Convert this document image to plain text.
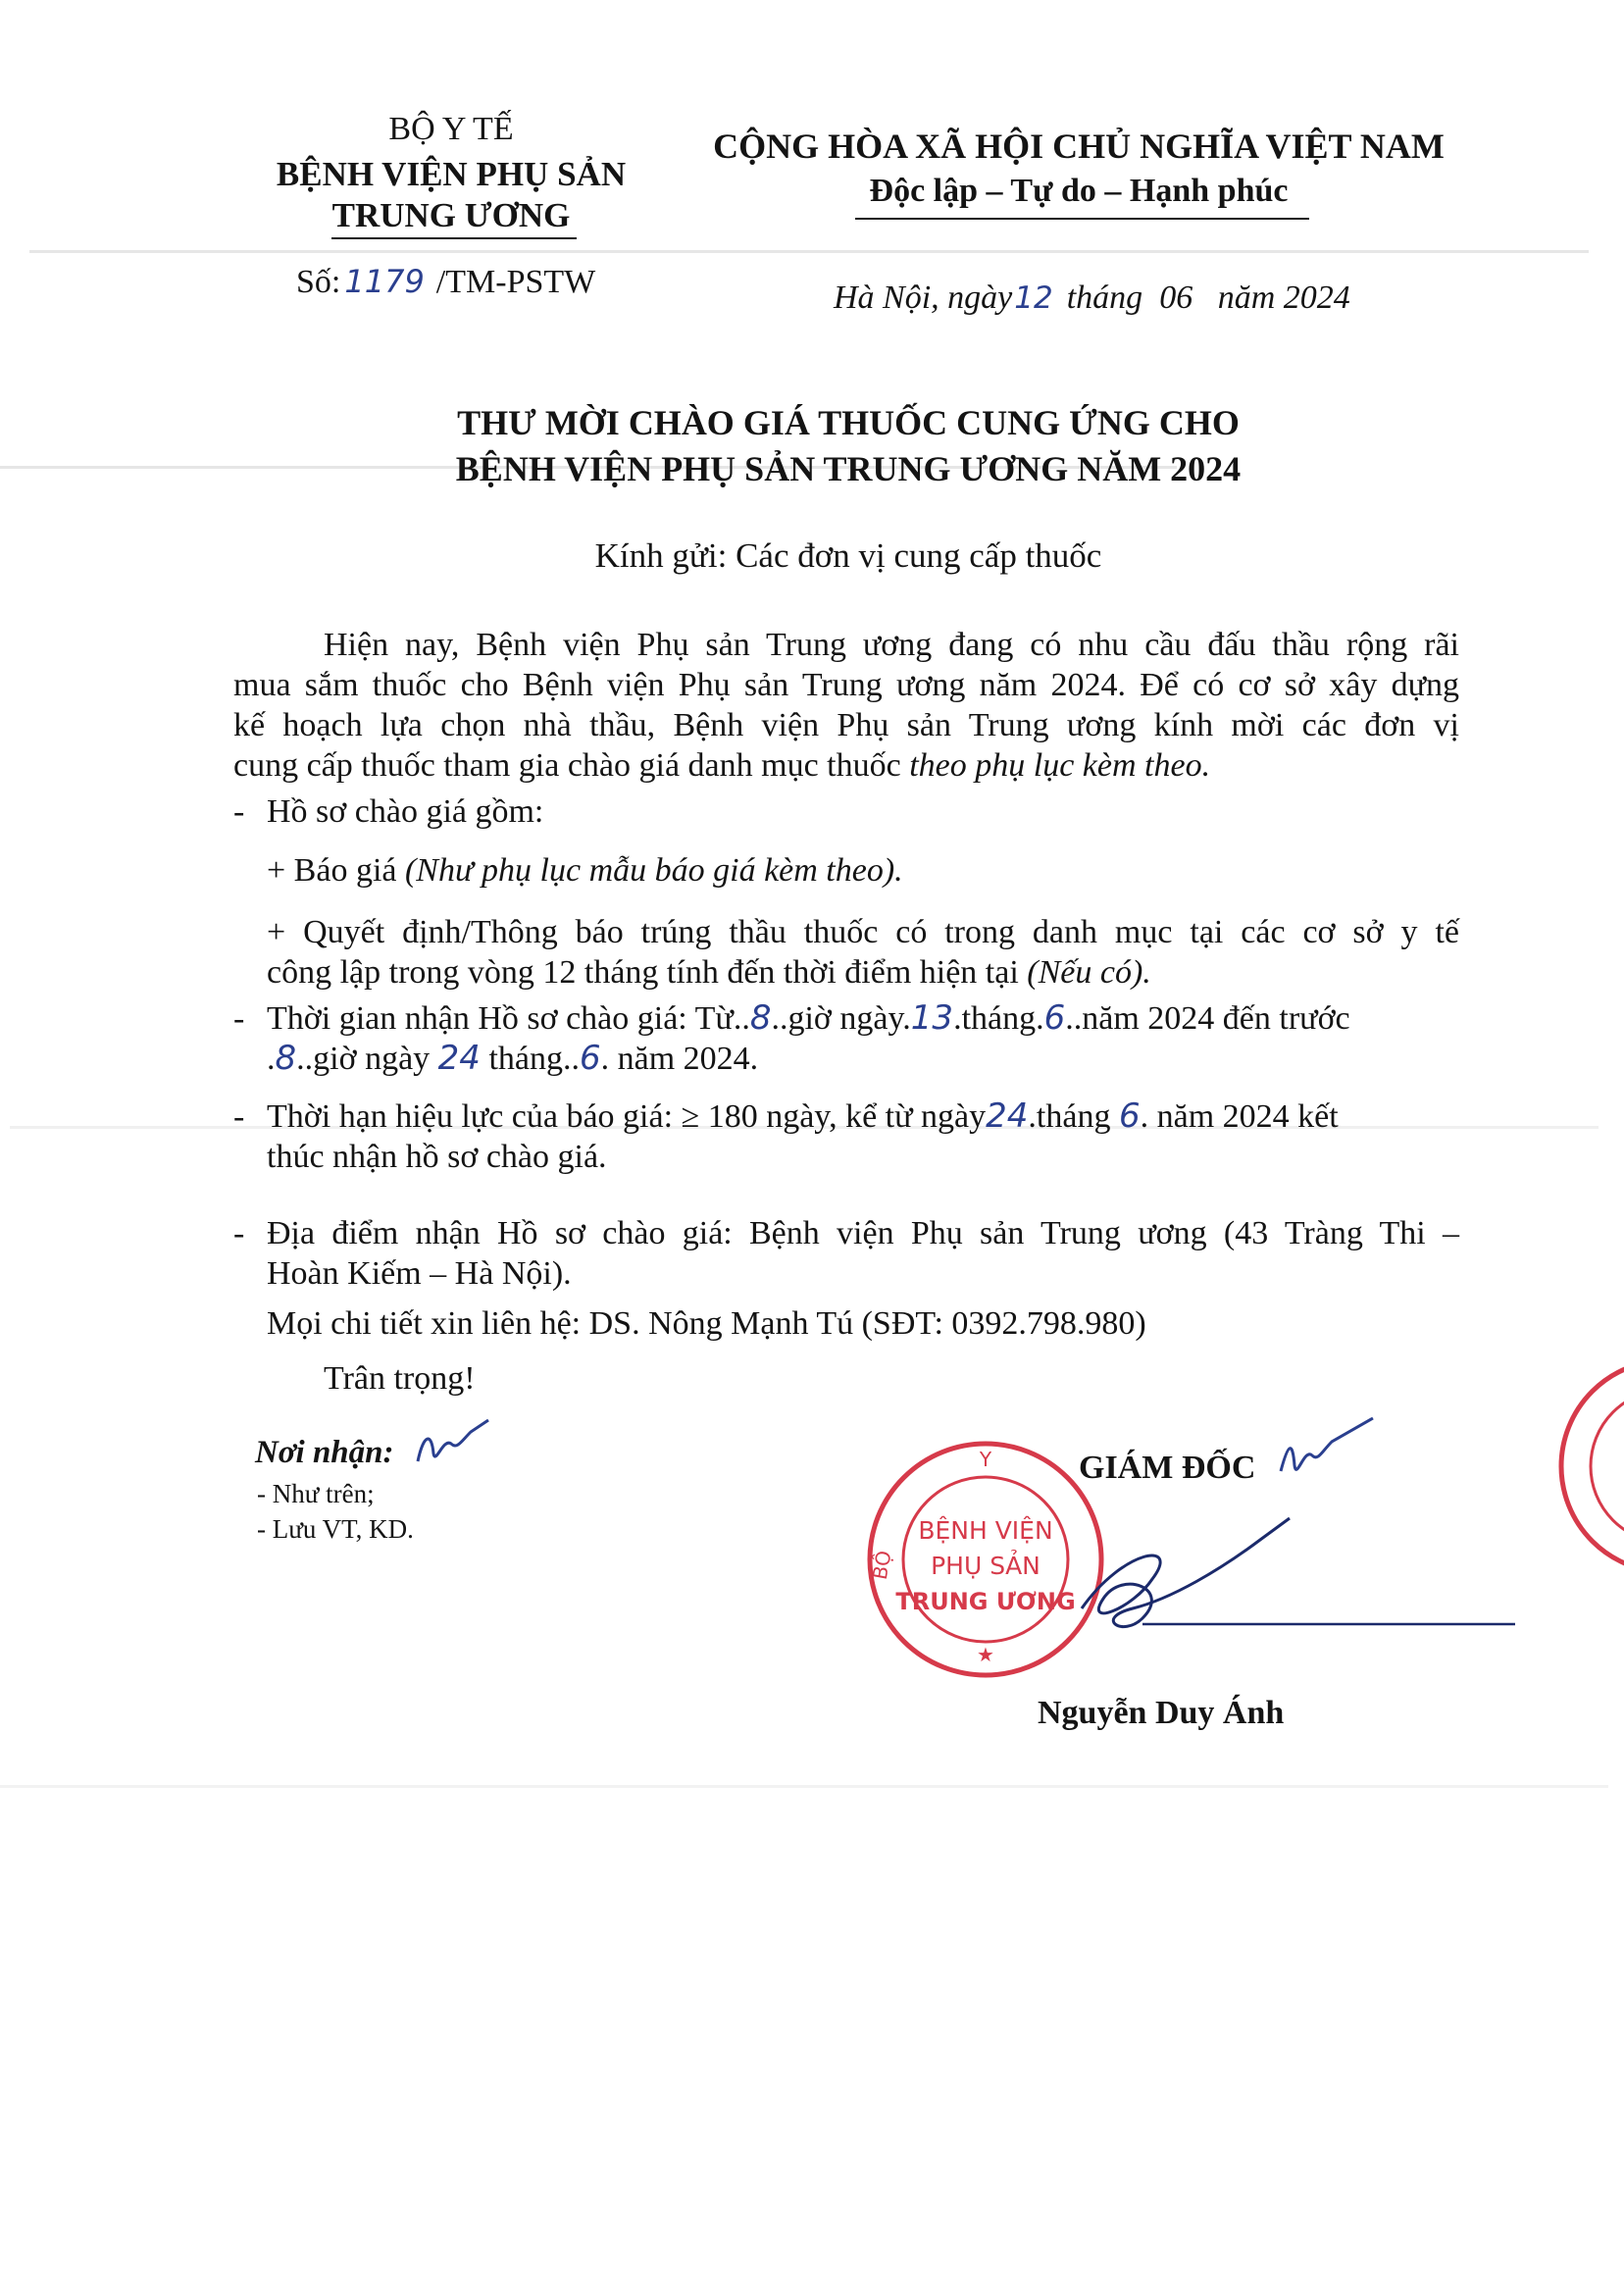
BỘ Y TẾ
BỆNH VIỆN PHỤ SẢN
TRUNG ƯƠNG
Số: 1179 /TM-PSTW
CỘNG HÒA XÃ HỘI CHỦ NGHĨA VIỆT NAM
Độc lập – Tự do – Hạnh phúc
Hà Nội, ngày12 tháng 06 năm 2024
THƯ MỜI CHÀO GIÁ THUỐC CUNG ỨNG CHO
BỆNH VIỆN PHỤ SẢN TRUNG ƯƠNG NĂM 2024
Kính gửi: Các đơn vị cung cấp thuốc
Hiện nay, Bệnh viện Phụ sản Trung ương đang có nhu cầu đấu thầu rộng rãi
mua sắm thuốc cho Bệnh viện Phụ sản Trung ương năm 2024. Để có cơ sở xây dựng
kế hoạch lựa chọn nhà thầu, Bệnh viện Phụ sản Trung ương kính mời các đơn vị
cung cấp thuốc tham gia chào giá danh mục thuốc theo phụ lục kèm theo.
- Hồ sơ chào giá gồm:
+ Báo giá (Như phụ lục mẫu báo giá kèm theo).
+ Quyết định/Thông báo trúng thầu thuốc có trong danh mục tại các cơ sở y tế
công lập trong vòng 12 tháng tính đến thời điểm hiện tại (Nếu có).
- Thời gian nhận Hồ sơ chào giá: Từ..8..giờ ngày.13.tháng.6..năm 2024 đến trước
.8..giờ ngày 24 tháng..6. năm 2024.
- Thời hạn hiệu lực của báo giá: ≥ 180 ngày, kể từ ngày24.tháng 6. năm 2024 kết
thúc nhận hồ sơ chào giá.
- Địa điểm nhận Hồ sơ chào giá: Bệnh viện Phụ sản Trung ương (43 Tràng Thi –
Hoàn Kiếm – Hà Nội).
Mọi chi tiết xin liên hệ: DS. Nông Mạnh Tú (SĐT: 0392.798.980)
Trân trọng!
Nơi nhận:
- Như trên;
- Lưu VT, KD.
GIÁM ĐỐC
Y
BỘ
BỆNH VIỆN
PHỤ SẢN
TRUNG ƯƠNG
★
Nguyễn Duy Ánh
